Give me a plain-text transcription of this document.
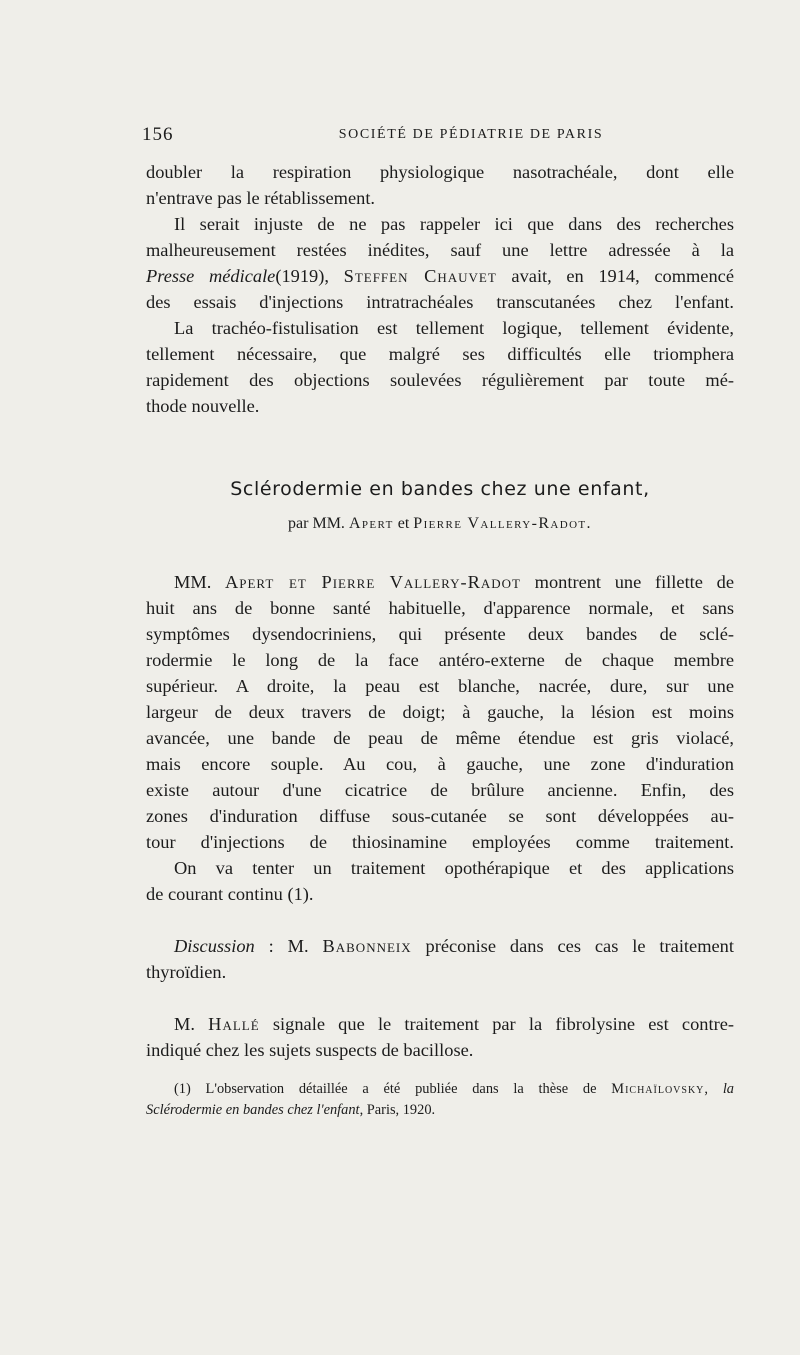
156	SOCIÉTÉ DE PÉDIATRIE DE PARIS
doubler la respiration physiologique nasotrachéale, dont elle
n'entrave pas le rétablissement.
Il serait injuste de ne pas rappeler ici que dans des recherches
malheureusement restées inédites, sauf une lettre adressée à la
Presse médicale(1919), Steffen Chauvet avait, en 1914, commencé
des essais d'injections intratrachéales transcutanées chez l'enfant.
La trachéo-fistulisation est tellement logique, tellement évidente,
tellement nécessaire, que malgré ses difficultés elle triomphera
rapidement des objections soulevées régulièrement par toute mé-
thode nouvelle.
Sclérodermie en bandes chez une enfant,
par MM. Apert et Pierre Vallery-Radot.
MM. Apert et Pierre Vallery-Radot montrent une fillette de
huit ans de bonne santé habituelle, d'apparence normale, et sans
symptômes dysendocriniens, qui présente deux bandes de sclé-
rodermie le long de la face antéro-externe de chaque membre
supérieur. A droite, la peau est blanche, nacrée, dure, sur une
largeur de deux travers de doigt; à gauche, la lésion est moins
avancée, une bande de peau de même étendue est gris violacé,
mais encore souple. Au cou, à gauche, une zone d'induration
existe autour d'une cicatrice de brûlure ancienne. Enfin, des
zones d'induration diffuse sous-cutanée se sont développées au-
tour d'injections de thiosinamine employées comme traitement.
On va tenter un traitement opothérapique et des applications
de courant continu (1).
Discussion : M. Babonneix préconise dans ces cas le traitement
thyroïdien.
M. Hallé signale que le traitement par la fibrolysine est contre-
indiqué chez les sujets suspects de bacillose.
(1) L'observation détaillée a été publiée dans la thèse de Michaïlovsky, la
Sclérodermie en bandes chez l'enfant, Paris, 1920.
